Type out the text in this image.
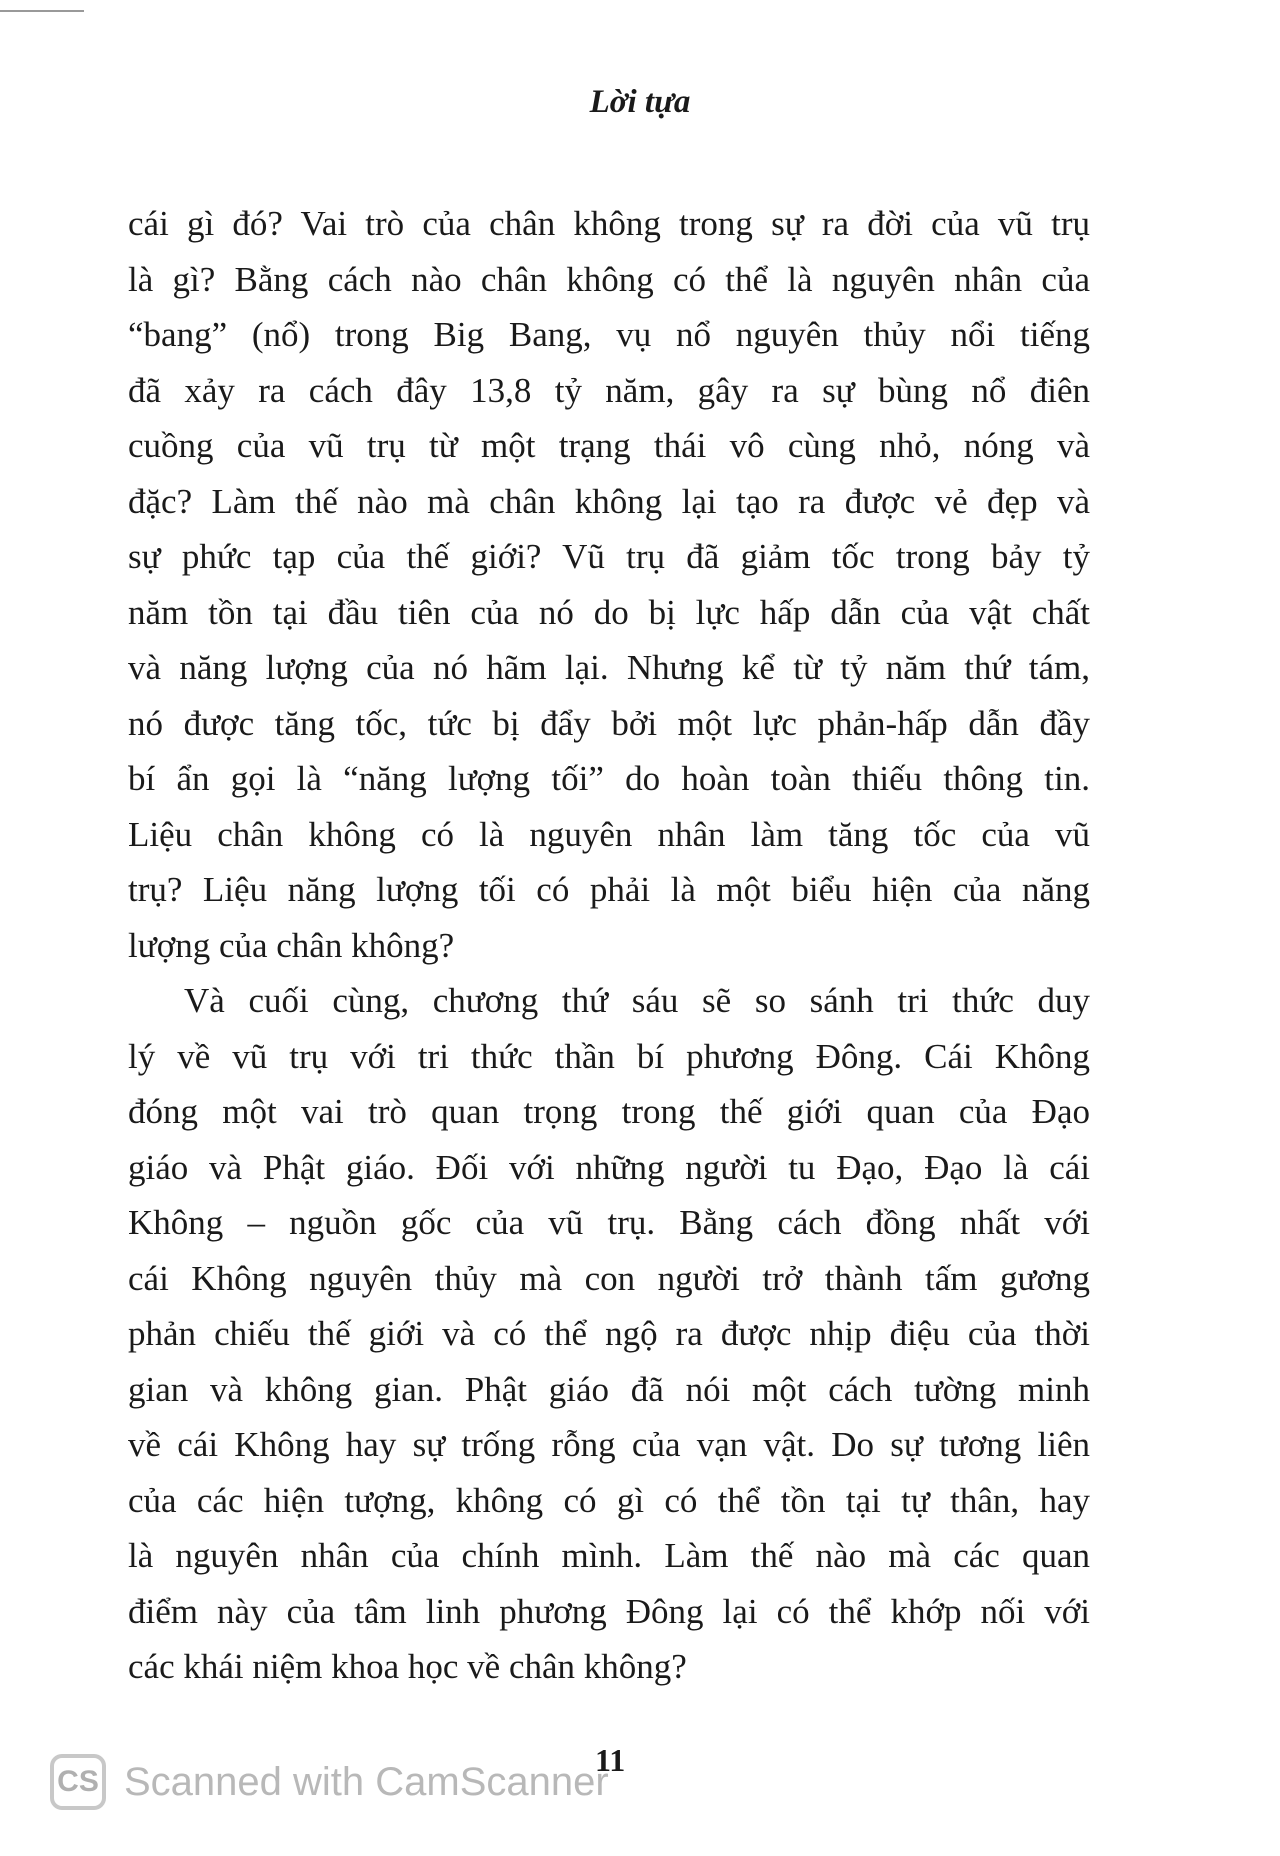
Lời tựa
cái gì đó? Vai trò của chân không trong sự ra đời của vũ trụ
là gì? Bằng cách nào chân không có thể là nguyên nhân của
“bang” (nổ) trong Big Bang, vụ nổ nguyên thủy nổi tiếng
đã xảy ra cách đây 13,8 tỷ năm, gây ra sự bùng nổ điên
cuồng của vũ trụ từ một trạng thái vô cùng nhỏ, nóng và
đặc? Làm thế nào mà chân không lại tạo ra được vẻ đẹp và
sự phức tạp của thế giới? Vũ trụ đã giảm tốc trong bảy tỷ
năm tồn tại đầu tiên của nó do bị lực hấp dẫn của vật chất
và năng lượng của nó hãm lại. Nhưng kể từ tỷ năm thứ tám,
nó được tăng tốc, tức bị đẩy bởi một lực phản-hấp dẫn đầy
bí ẩn gọi là “năng lượng tối” do hoàn toàn thiếu thông tin.
Liệu chân không có là nguyên nhân làm tăng tốc của vũ
trụ? Liệu năng lượng tối có phải là một biểu hiện của năng
lượng của chân không?
Và cuối cùng, chương thứ sáu sẽ so sánh tri thức duy
lý về vũ trụ với tri thức thần bí phương Đông. Cái Không
đóng một vai trò quan trọng trong thế giới quan của Đạo
giáo và Phật giáo. Đối với những người tu Đạo, Đạo là cái
Không – nguồn gốc của vũ trụ. Bằng cách đồng nhất với
cái Không nguyên thủy mà con người trở thành tấm gương
phản chiếu thế giới và có thể ngộ ra được nhịp điệu của thời
gian và không gian. Phật giáo đã nói một cách tường minh
về cái Không hay sự trống rỗng của vạn vật. Do sự tương liên
của các hiện tượng, không có gì có thể tồn tại tự thân, hay
là nguyên nhân của chính mình. Làm thế nào mà các quan
điểm này của tâm linh phương Đông lại có thể khớp nối với
các khái niệm khoa học về chân không?
11
CS Scanned with CamScanner
